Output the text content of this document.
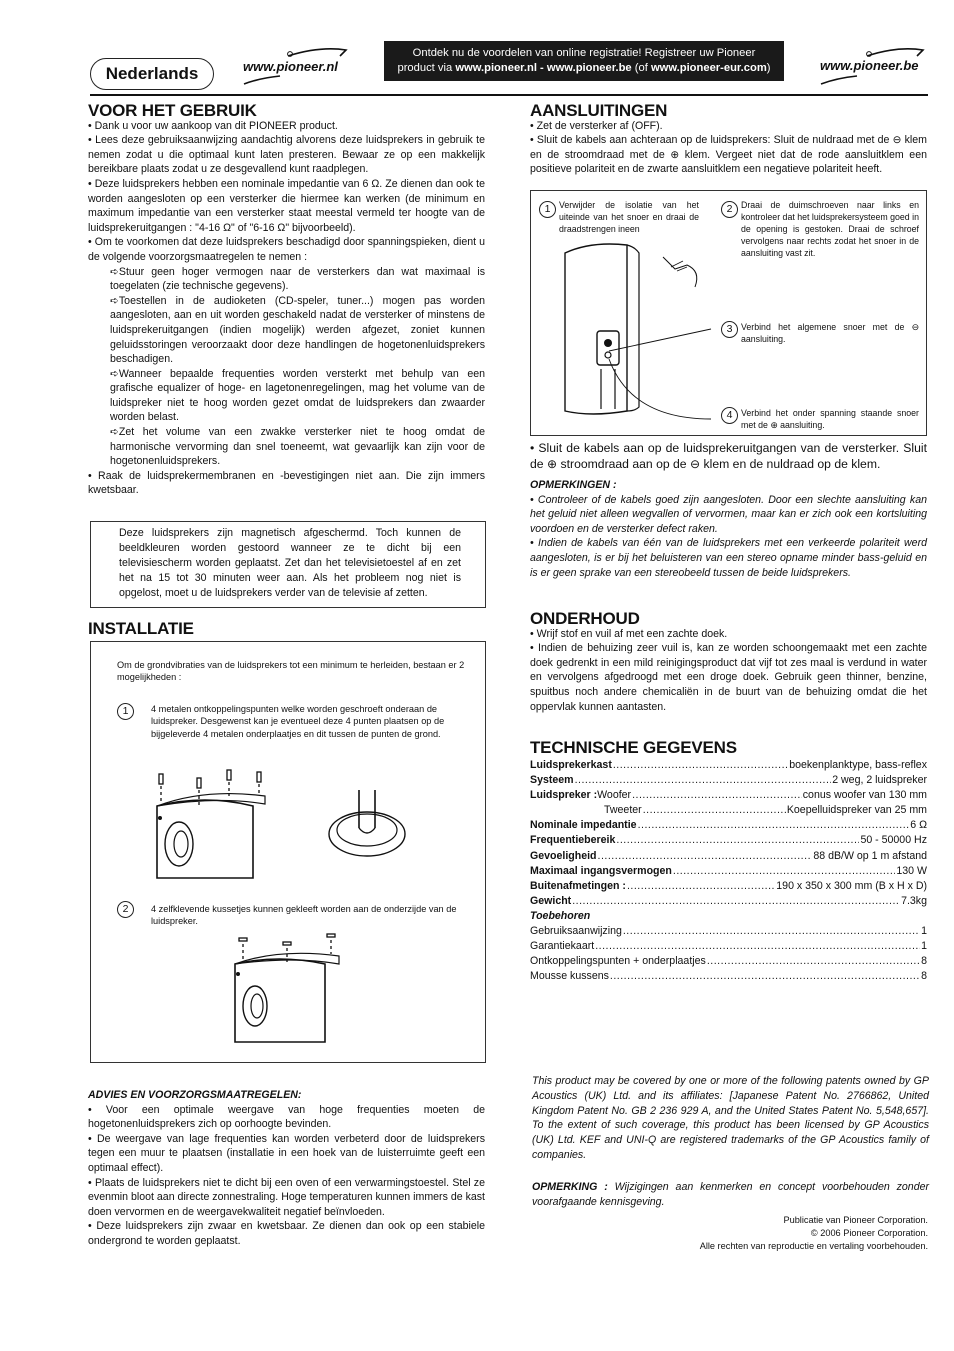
Nederlands	www.pioneer.nl
Ontdek nu de voordelen van online registratie! Registreer uw Pioneer
product via www.pioneer.nl - www.pioneer.be (of www.pioneer-eur.com)	www.pioneer.be
VOOR HET GEBRUIK

• Dank u voor uw aankoop van dit PIONEER product.

• Lees deze gebruiksaanwijzing aandachtig alvorens deze luidsprekers in gebruik te nemen zodat u die optimaal kunt laten presteren. Bewaar ze op een makkelijk bereikbare plaats zodat u ze desgevallend kunt raadplegen.

• Deze luidsprekers hebben een nominale impedantie van 6 Ω. Ze dienen dan ook te worden aangesloten op een versterker die hiermee kan werken (de minimum en maximum impedantie van een versterker staat meestal vermeld ter hoogte van de luidsprekeruitgangen : "4-16 Ω" of "6-16 Ω" bijvoorbeeld).

• Om te voorkomen dat deze luidsprekers beschadigd door spanningspieken, dient u de volgende voorzorgsmaatregelen te nemen :

➪Stuur geen hoger vermogen naar de versterkers dan wat maximaal is toegelaten (zie technische gegevens).

➪Toestellen in de audioketen (CD-speler, tuner...) mogen pas worden aangesloten, aan en uit worden geschakeld nadat de versterker of minstens de luidsprekeruitgangen (indien mogelijk) werden afgezet, zoniet kunnen geluidsstoringen veroorzaakt door deze handlingen de hogetonenluidsprekers beschadigen.

➪Wanneer bepaalde frequenties worden versterkt met behulp van een grafische equalizer of hoge- en lagetonenregelingen, mag het volume van de luidspreker niet te hoog worden gezet omdat de luidsprekers dan zwaarder worden belast.

➪Zet het volume van een zwakke versterker niet te hoog omdat de harmonische vervorming dan snel toeneemt, wat gevaarlijk kan zijn voor de hogetonenluidsprekers.

• Raak de luidsprekermembranen en -bevestigingen niet aan. Die zijn immers kwetsbaar.

Deze luidsprekers zijn magnetisch afgeschermd. Toch kunnen de beeldkleuren worden gestoord wanneer ze te dicht bij een televisiescherm worden geplaatst. Zet dan het televisietoestel af en zet het na 15 tot 30 minuten weer aan. Als het probleem nog niet is opgelost, moet u de luidsprekers verder van de televisie af zetten.
INSTALLATIE
Om de grondvibraties van de luidsprekers tot een minimum te herleiden, bestaan er 2 mogelijkheden :
1	4 metalen ontkoppelingspunten welke worden geschroeft onderaan de luidspreker. Desgewenst kan je eventueel deze 4 punten plaatsen op de bijgeleverde 4 metalen onderplaatjes en dit tussen de punten de grond.
2	4 zelfklevende kussetjes kunnen gekleeft worden aan de onderzijde van de luidspreker.

ADVIES EN VOORZORGSMAATREGELEN:

• Voor een optimale weergave van hoge frequenties moeten de hogetonenluidsprekers zich op oorhoogte bevinden.

• De weergave van lage frequenties kan worden verbeterd door de luidsprekers tegen een muur te plaatsen (installatie in een hoek van de luisterruimte geeft een optimaal effect).

• Plaats de luidsprekers niet te dicht bij een oven of een verwarmingstoestel. Stel ze evenmin bloot aan directe zonnestraling. Hoge temperaturen kunnen immers de kast doen vervormen en de weergavekwaliteit negatief beïnvloeden.

• Deze luidsprekers zijn zwaar en kwetsbaar. Ze dienen dan ook op een stabiele ondergrond te worden geplaatst.

AANSLUITINGEN

• Zet de versterker af (OFF).

• Sluit de kabels aan achteraan op de luidsprekers: Sluit de nuldraad met de ⊖ klem en de stroomdraad met de ⊕ klem. Vergeet niet dat de rode aansluitklem een positieve polariteit en de zwarte aansluitklem een negatieve polariteit heeft.

1 Verwijder de isolatie van het uiteinde van het snoer en draai de draadstrengen ineen
2 Draai de duimschroeven naar links en kontroleer dat het luidsprekersysteem goed in de opening is gestoken. Draai de schroef vervolgens naar rechts zodat het snoer in de aansluiting vast zit.
3 Verbind het algemene snoer met de ⊖ aansluiting.
4 Verbind het onder spanning staande snoer met de ⊕ aansluiting.

• Sluit de kabels aan op de luidsprekeruitgangen van de versterker. Sluit de ⊕ stroomdraad aan op de ⊖ klem en de nuldraad op de klem.

OPMERKINGEN :

• Controleer of de kabels goed zijn aangesloten. Door een slechte aansluiting kan het geluid niet alleen wegvallen of vervormen, maar kan er zich ook een kortsluiting voordoen en de versterker defect raken.

• Indien de kabels van één van de luidsprekers met een verkeerde polariteit werd aangesloten, is er bij het beluisteren van een stereo opname minder bass-geluid en is er geen sprake van een stereobeeld tussen de beide luidsprekers.

ONDERHOUD

• Wrijf stof en vuil af met een zachte doek.

• Indien de behuizing zeer vuil is, kan ze worden schoongemaakt met een zachte doek gedrenkt in een mild reinigingsproduct dat vijf tot zes maal is verdund in water en vervolgens afgedroogd met een droge doek. Gebruik geen thinner, benzine, spuitbus noch andere chemicaliën in de buurt van de behuizing omdat die het oppervlak kunnen aantasten.

TECHNISCHE GEGEVENS
Luidsprekerkast .....	boekenplanktype, bass-reflex
Systeem .....	2 weg, 2 luidspreker
Luidspreker : Woofer .....	conus woofer van 130 mm
Tweeter .....	Koepelluidspreker van 25 mm
Nominale impedantie .....	6 Ω
Frequentiebereik .....	50 - 50000 Hz
Gevoeligheid .....	88 dB/W op 1 m afstand
Maximaal ingangsvermogen .....	130 W
Buitenafmetingen : .....	190 x 350 x 300 mm (B x H x D)
Gewicht .....	7.3kg
Toebehoren
Gebruiksaanwijzing .....	1
Garantiekaart .....	1
Ontkoppelingspunten + onderplaatjes .....	8
Mousse kussens .....	8
This product may be covered by one or more of the following patents owned by GP Acoustics (UK) Ltd. and its affiliates: [Japanese Patent No. 2766862, United Kingdom Patent No. GB 2 236 929 A, and the United States Patent No. 5,548,657]. To the extent of such coverage, this product has been licensed by GP Acoustics (UK) Ltd. KEF and UNI-Q are registered trademarks of the GP Acoustics family of companies.
OPMERKING : Wijzigingen aan kenmerken en concept voorbehouden zonder voorafgaande kennisgeving.
Publicatie van Pioneer Corporation.
© 2006 Pioneer Corporation.
Alle rechten van reproductie en vertaling voorbehouden.
